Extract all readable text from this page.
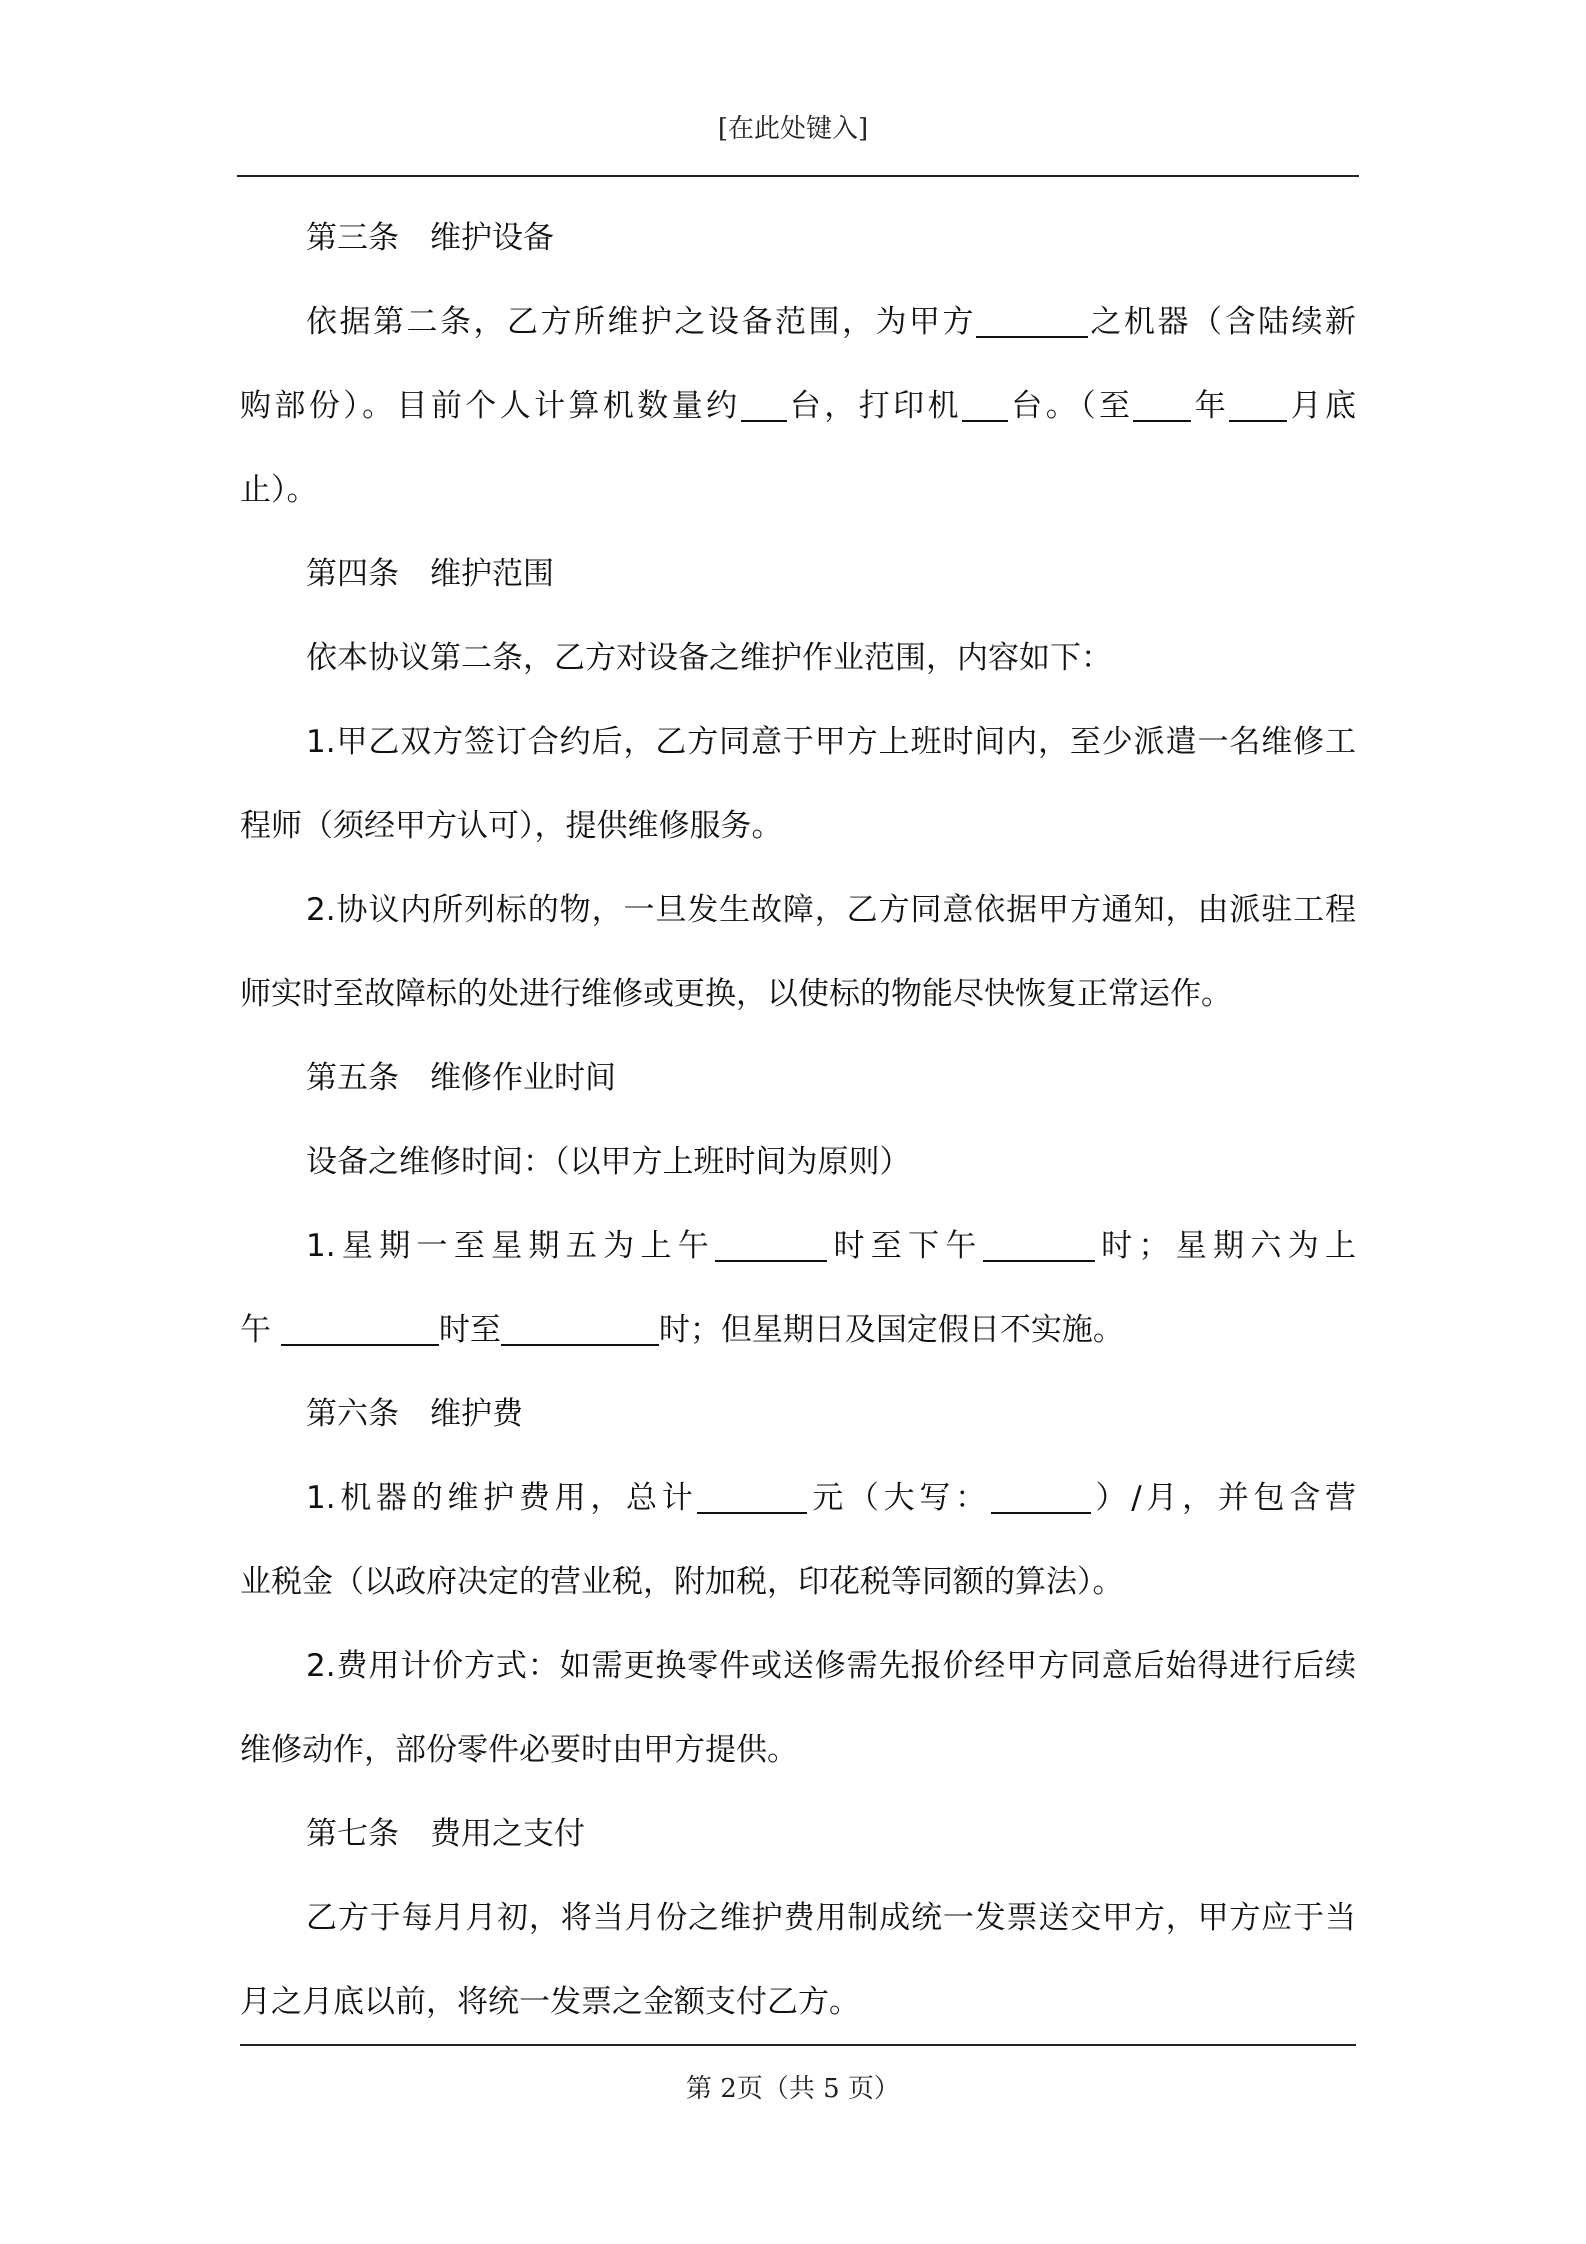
[在此处键入]
第三条　维护设备
依据第二条，乙方所维护之设备范围，为甲方	之机器（含陆续新
购部份）。目前个人计算机数量约 台，打印机 台。（至 年 月底
止）。
第四条　维护范围
依本协议第二条，乙方对设备之维护作业范围，内容如下：
1.甲乙双方签订合约后，乙方同意于甲方上班时间内，至少派遣一名维修工
程师（须经甲方认可），提供维修服务。
2.协议内所列标的物，一旦发生故障，乙方同意依据甲方通知，由派驻工程
师实时至故障标的处进行维修或更换，以使标的物能尽快恢复正常运作。
第五条　维修作业时间
设备之维修时间：（以甲方上班时间为原则）
1.星期一至星期五为上午	时至下午	时；星期六为上
午	时至	时；但星期日及国定假日不实施。
第六条　维护费
1.机器的维护费用，总计	元（大写：	）/月，并包含营
业税金（以政府决定的营业税，附加税，印花税等同额的算法）。
2.费用计价方式：如需更换零件或送修需先报价经甲方同意后始得进行后续
维修动作，部份零件必要时由甲方提供。
第七条　费用之支付
乙方于每月月初，将当月份之维护费用制成统一发票送交甲方，甲方应于当
月之月底以前，将统一发票之金额支付乙方。
第 2页（共 5 页）
